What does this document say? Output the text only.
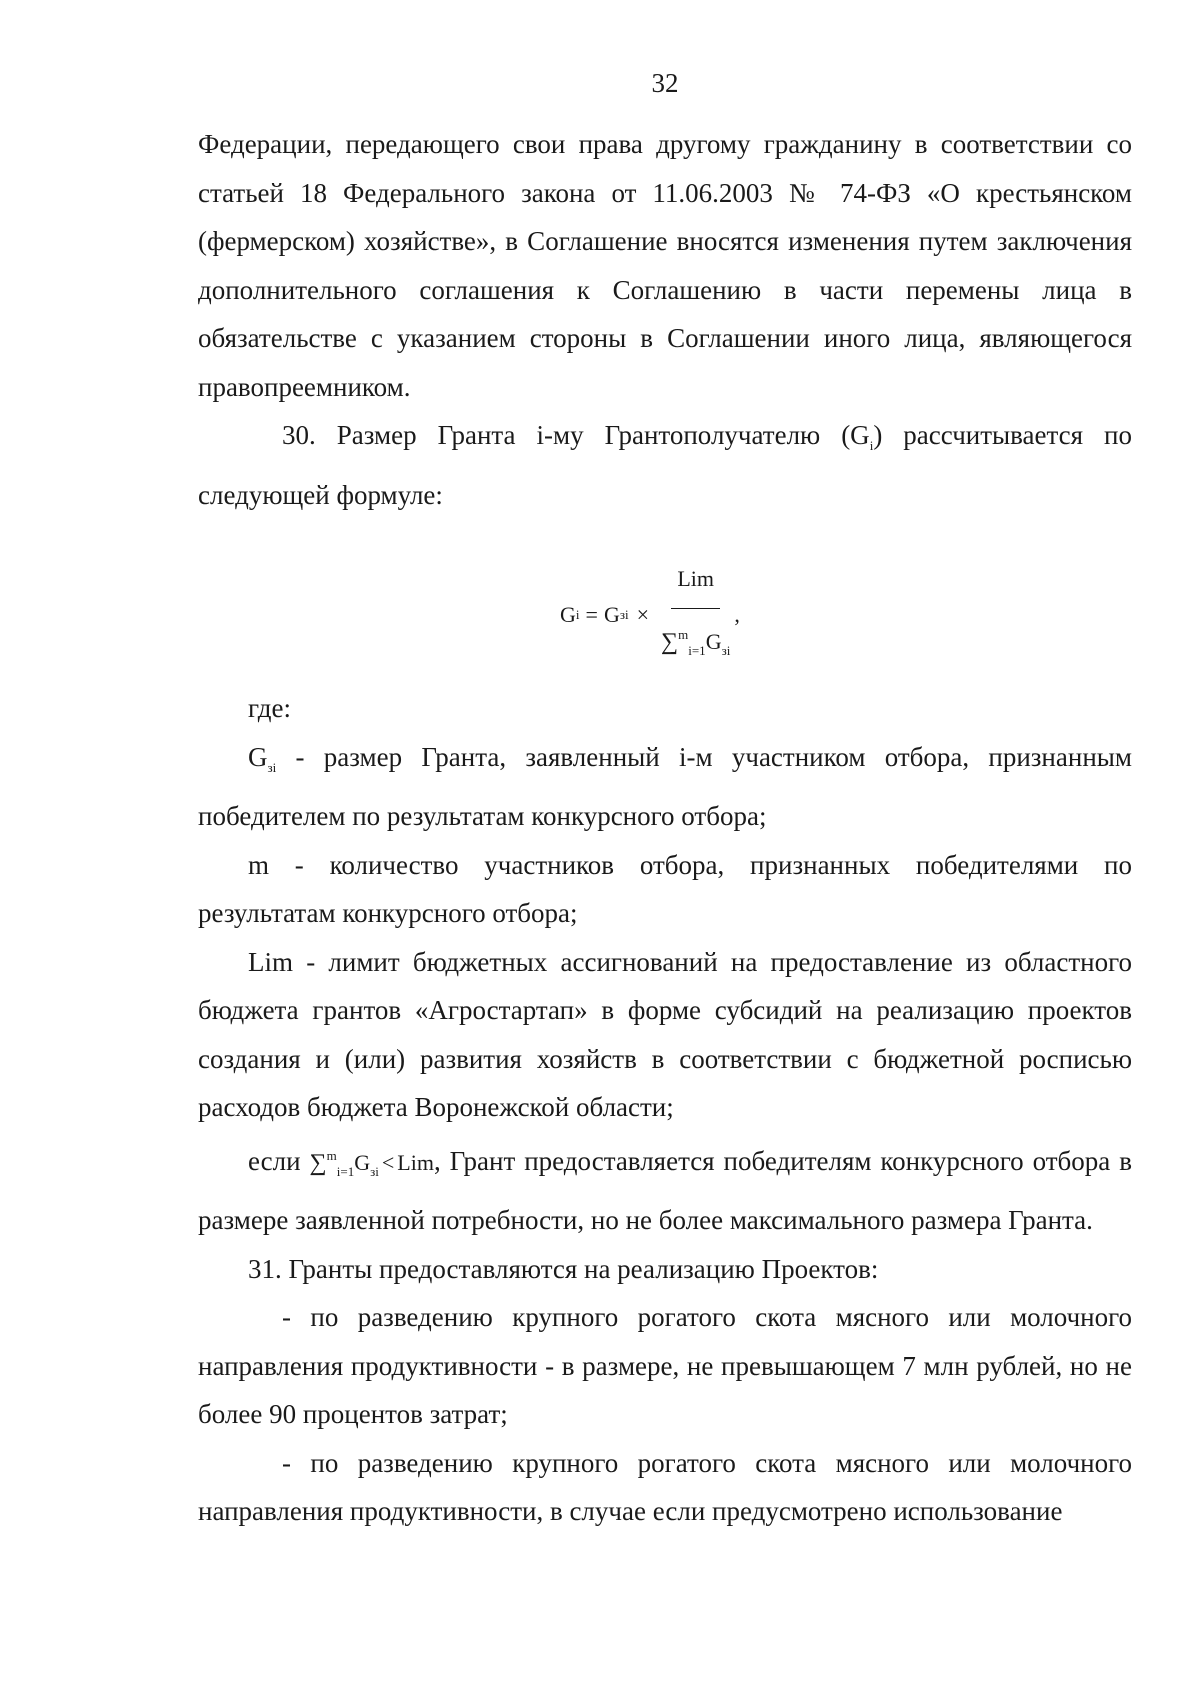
32

Федерации, передающего свои права другому гражданину в соответствии со статьей 18 Федерального закона от 11.06.2003 № 74-ФЗ «О крестьянском (фермерском) хозяйстве», в Соглашение вносятся изменения путем заключения дополнительного соглашения к Соглашению в части перемены лица в обязательстве с указанием стороны в Соглашении иного лица, являющегося правопреемником.

30. Размер Гранта i-му Грантополучателю $(G_i)$ рассчитывается по следующей формуле:

G i = G зi × $\frac{\text{Lim}}{\sum^m_{i=1}G_{зi}}$ ,

где:

$G_{зi}$ - размер Гранта, заявленный i-м участником отбора, признанным победителем по результатам конкурсного отбора;

m - количество участников отбора, признанных победителями по результатам конкурсного отбора;

Lim - лимит бюджетных ассигнований на предоставление из областного бюджета грантов «Агростартап» в форме субсидий на реализацию проектов создания и (или) развития хозяйств в соответствии с бюджетной росписью расходов бюджета Воронежской области;

если $\sum^m_{i=1}G_{зi}$ < Lim, Грант предоставляется победителям конкурсного отбора в размере заявленной потребности, но не более максимального размера Гранта.

31. Гранты предоставляются на реализацию Проектов:

- по разведению крупного рогатого скота мясного или молочного направления продуктивности - в размере, не превышающем 7 млн рублей, но не более 90 процентов затрат;

- по разведению крупного рогатого скота мясного или молочного направления продуктивности, в случае если предусмотрено использование
